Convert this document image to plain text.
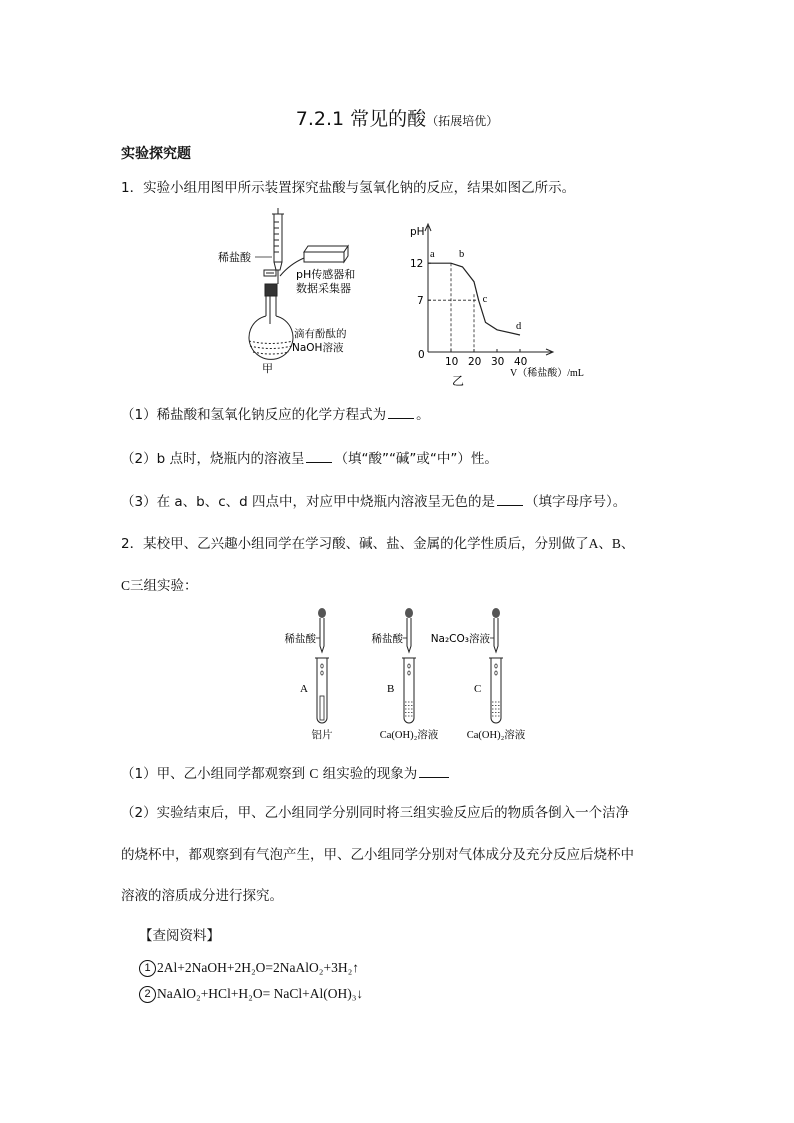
7.2.1 常见的酸（拓展培优）
实验探究题
1．实验小组用图甲所示装置探究盐酸与氢氧化钠的反应，结果如图乙所示。
稀盐酸
pH传感器和
数据采集器
滴有酚酞的
NaOH溶液
甲	10 20 30 40
7
12
a b
c
d
pH
0
V（稀盐酸）/mL
乙
（1）稀盐酸和氢氧化钠反应的化学方程式为 。
（2）b 点时，烧瓶内的溶液呈 （填“酸”“碱”或“中”）性。
（3）在 a、b、c、d 四点中，对应甲中烧瓶内溶液呈无色的是 （填字母序号）。
2．某校甲、乙兴趣小组同学在学习酸、碱、盐、金属的化学性质后，分别做了A、B、
C三组实验：
稀盐酸
A
铝片
稀盐酸
B
Ca(OH)₂溶液
Na₂CO₃溶液
C
Ca(OH)₂溶液
（1）甲、乙小组同学都观察到 C 组实验的现象为
（2）实验结束后，甲、乙小组同学分别同时将三组实验反应后的物质各倒入一个洁净
的烧杯中，都观察到有气泡产生，甲、乙小组同学分别对气体成分及充分反应后烧杯中
溶液的溶质成分进行探究。
【查阅资料】
1 2Al+2NaOH+2H₂O=2NaAlO₂+3H₂↑
2 NaAlO₂+HCl+H₂O= NaCl+Al(OH)₃↓
